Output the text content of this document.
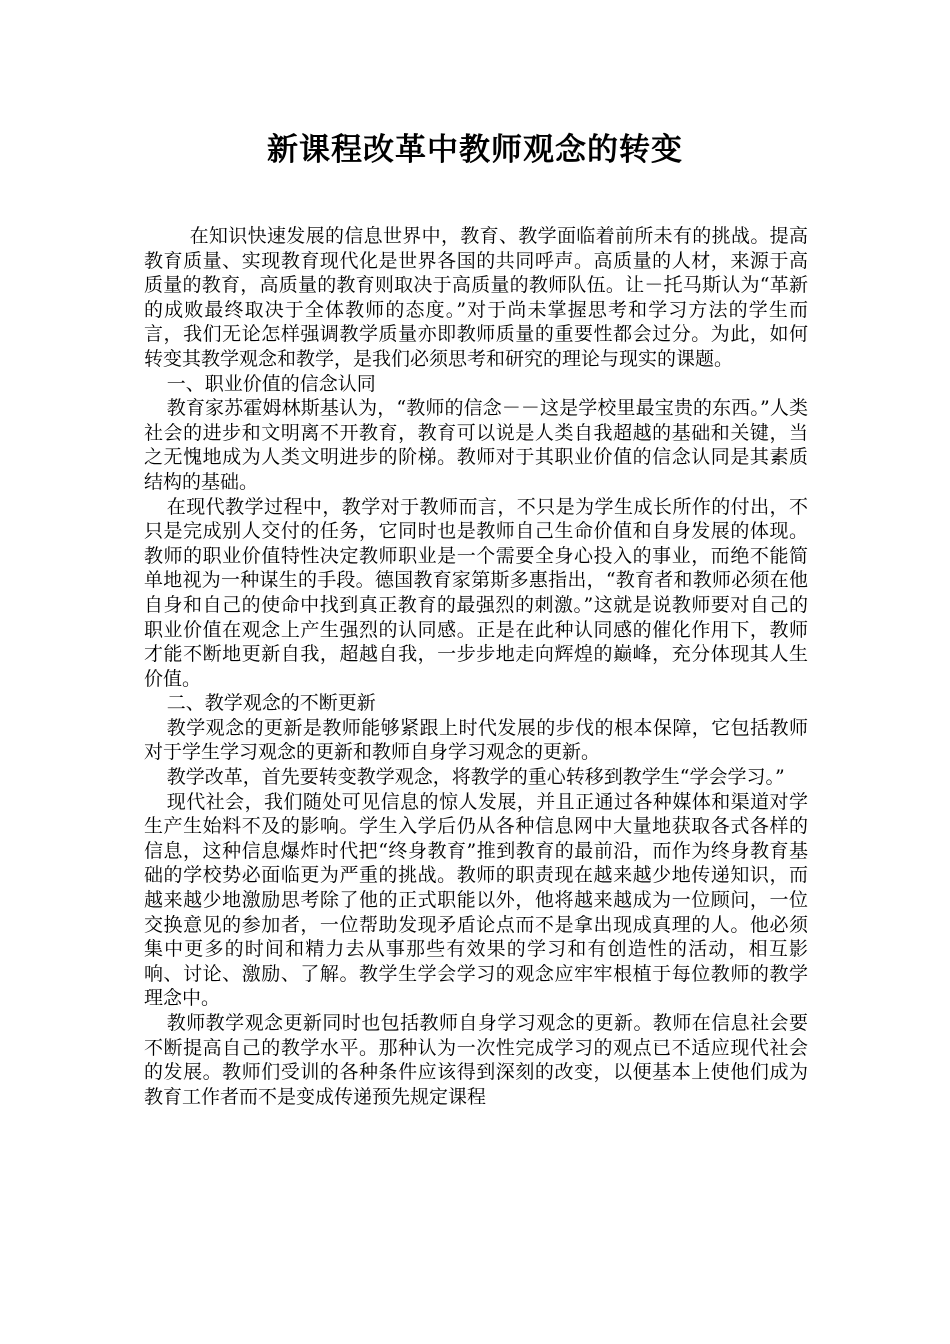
新课程改革中教师观念的转变

在知识快速发展的信息世界中，教育、教学面临着前所未有的挑战。提高教育质量、实现教育现代化是世界各国的共同呼声。高质量的人材，来源于高质量的教育，高质量的教育则取决于高质量的教师队伍。让－托马斯认为“革新的成败最终取决于全体教师的态度。”对于尚未掌握思考和学习方法的学生而言，我们无论怎样强调教学质量亦即教师质量的重要性都会过分。为此，如何转变其教学观念和教学，是我们必须思考和研究的理论与现实的课题。

一、职业价值的信念认同

教育家苏霍姆林斯基认为，“教师的信念－－这是学校里最宝贵的东西。”人类社会的进步和文明离不开教育，教育可以说是人类自我超越的基础和关键，当之无愧地成为人类文明进步的阶梯。教师对于其职业价值的信念认同是其素质结构的基础。

在现代教学过程中，教学对于教师而言，不只是为学生成长所作的付出，不只是完成别人交付的任务，它同时也是教师自己生命价值和自身发展的体现。教师的职业价值特性决定教师职业是一个需要全身心投入的事业，而绝不能简单地视为一种谋生的手段。德国教育家第斯多惠指出，“教育者和教师必须在他自身和自己的使命中找到真正教育的最强烈的刺激。”这就是说教师要对自己的职业价值在观念上产生强烈的认同感。正是在此种认同感的催化作用下，教师才能不断地更新自我，超越自我，一步步地走向辉煌的巅峰，充分体现其人生价值。

二、教学观念的不断更新

教学观念的更新是教师能够紧跟上时代发展的步伐的根本保障，它包括教师对于学生学习观念的更新和教师自身学习观念的更新。

教学改革，首先要转变教学观念，将教学的重心转移到教学生“学会学习。”

现代社会，我们随处可见信息的惊人发展，并且正通过各种媒体和渠道对学生产生始料不及的影响。学生入学后仍从各种信息网中大量地获取各式各样的信息，这种信息爆炸时代把“终身教育”推到教育的最前沿，而作为终身教育基础的学校势必面临更为严重的挑战。教师的职责现在越来越少地传递知识，而越来越少地激励思考除了他的正式职能以外，他将越来越成为一位顾问，一位交换意见的参加者，一位帮助发现矛盾论点而不是拿出现成真理的人。他必须集中更多的时间和精力去从事那些有效果的学习和有创造性的活动，相互影响、讨论、激励、了解。教学生学会学习的观念应牢牢根植于每位教师的教学理念中。

教师教学观念更新同时也包括教师自身学习观念的更新。教师在信息社会要不断提高自己的教学水平。那种认为一次性完成学习的观点已不适应现代社会的发展。教师们受训的各种条件应该得到深刻的改变，以便基本上使他们成为教育工作者而不是变成传递预先规定课程
